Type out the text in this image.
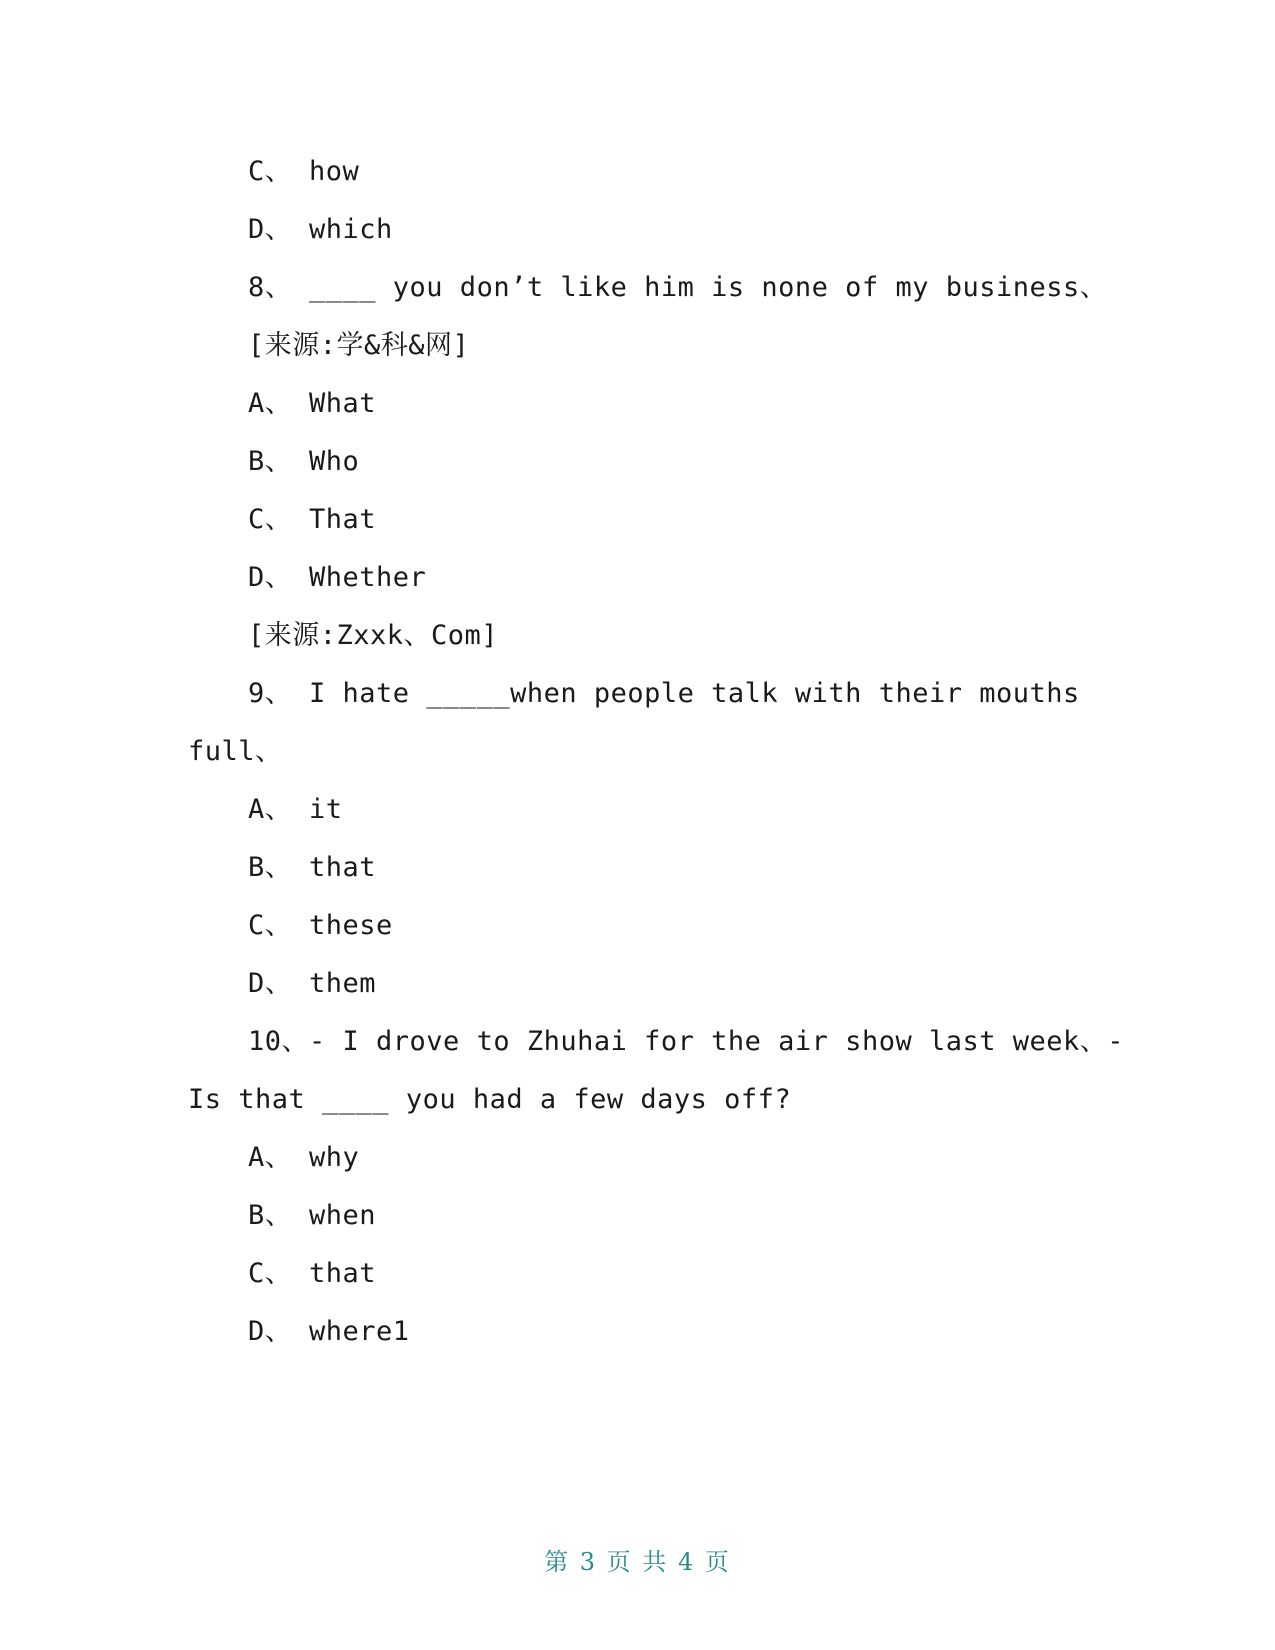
C、 how
D、 which
8、 ____ you don’t like him is none of my business、
[来源:学&科&网]
A、 What
B、 Who
C、 That
D、 Whether
[来源:Zxxk、Com]
9、 I hate _____when people talk with their mouths
full、
A、 it
B、 that
C、 these
D、 them
10、- I drove to Zhuhai for the air show last week、-
Is that ____ you had a few days off?
A、 why
B、 when
C、 that
D、 where1
第 3 页 共 4 页
